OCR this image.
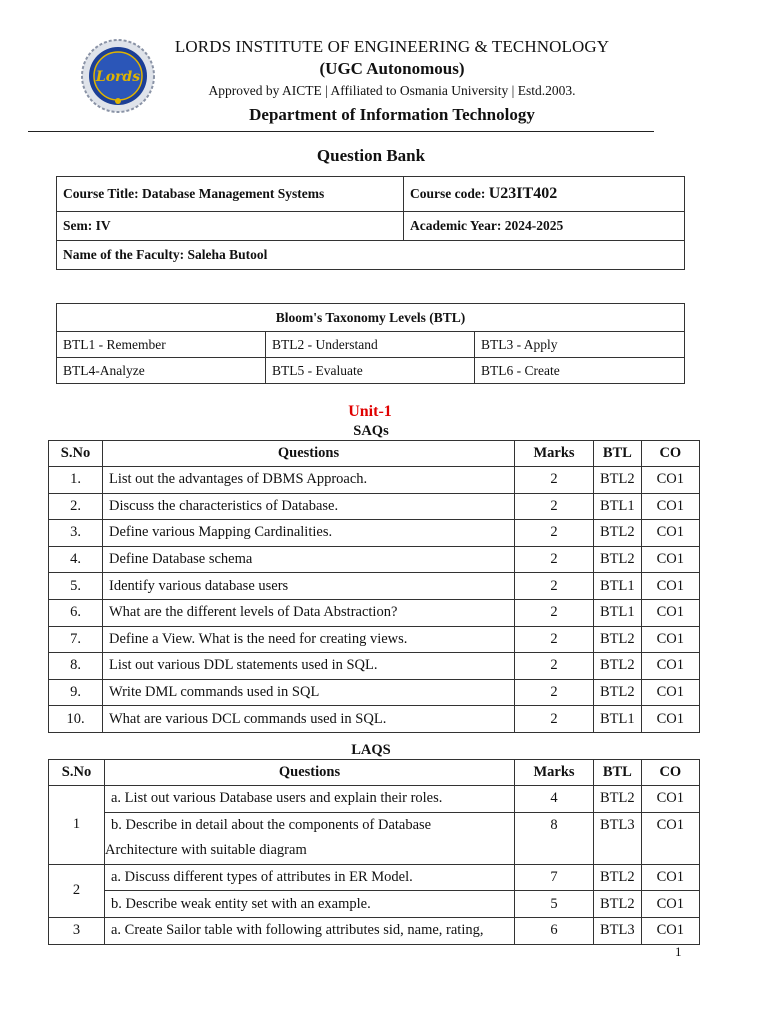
Lords
LORDS INSTITUTE OF ENGINEERING & TECHNOLOGY
(UGC Autonomous)
Approved by AICTE | Affiliated to Osmania University | Estd.2003.
Department of Information Technology
Question Bank
Course Title: Database Management Systems	Course code: U23IT402
Sem: IV	Academic Year: 2024-2025
Name of the Faculty: Saleha Butool	
Bloom's Taxonomy Levels (BTL)		
BTL1 - Remember	BTL2 - Understand	BTL3 - Apply
BTL4-Analyze	BTL5 - Evaluate	BTL6 - Create
Unit-1
SAQs
S.No	Questions	Marks	BTL	CO
1.	List out the advantages of DBMS Approach.	2	BTL2	CO1
2.	Discuss the characteristics of Database.	2	BTL1	CO1
3.	Define various Mapping Cardinalities.	2	BTL2	CO1
4.	Define Database schema	2	BTL2	CO1
5.	Identify various database users	2	BTL1	CO1
6.	What are the different levels of Data Abstraction?	2	BTL1	CO1
7.	Define a View. What is the need for creating views.	2	BTL2	CO1
8.	List out various DDL statements used in SQL.	2	BTL2	CO1
9.	Write DML commands used in SQL	2	BTL2	CO1
10.	What are various DCL commands used in SQL.	2	BTL1	CO1
LAQS
S.No	Questions	Marks	BTL	CO
1	a. List out various Database users and explain their roles.	4	BTL2	CO1
	b. Describe in detail about the components of Database	8	BTL3	CO1
	Architecture with suitable diagram			
2	a. Discuss different types of attributes in ER Model.	7	BTL2	CO1
	b. Describe weak entity set with an example.	5	BTL2	CO1
3	a. Create Sailor table with following attributes sid, name, rating,	6	BTL3	CO1
1
